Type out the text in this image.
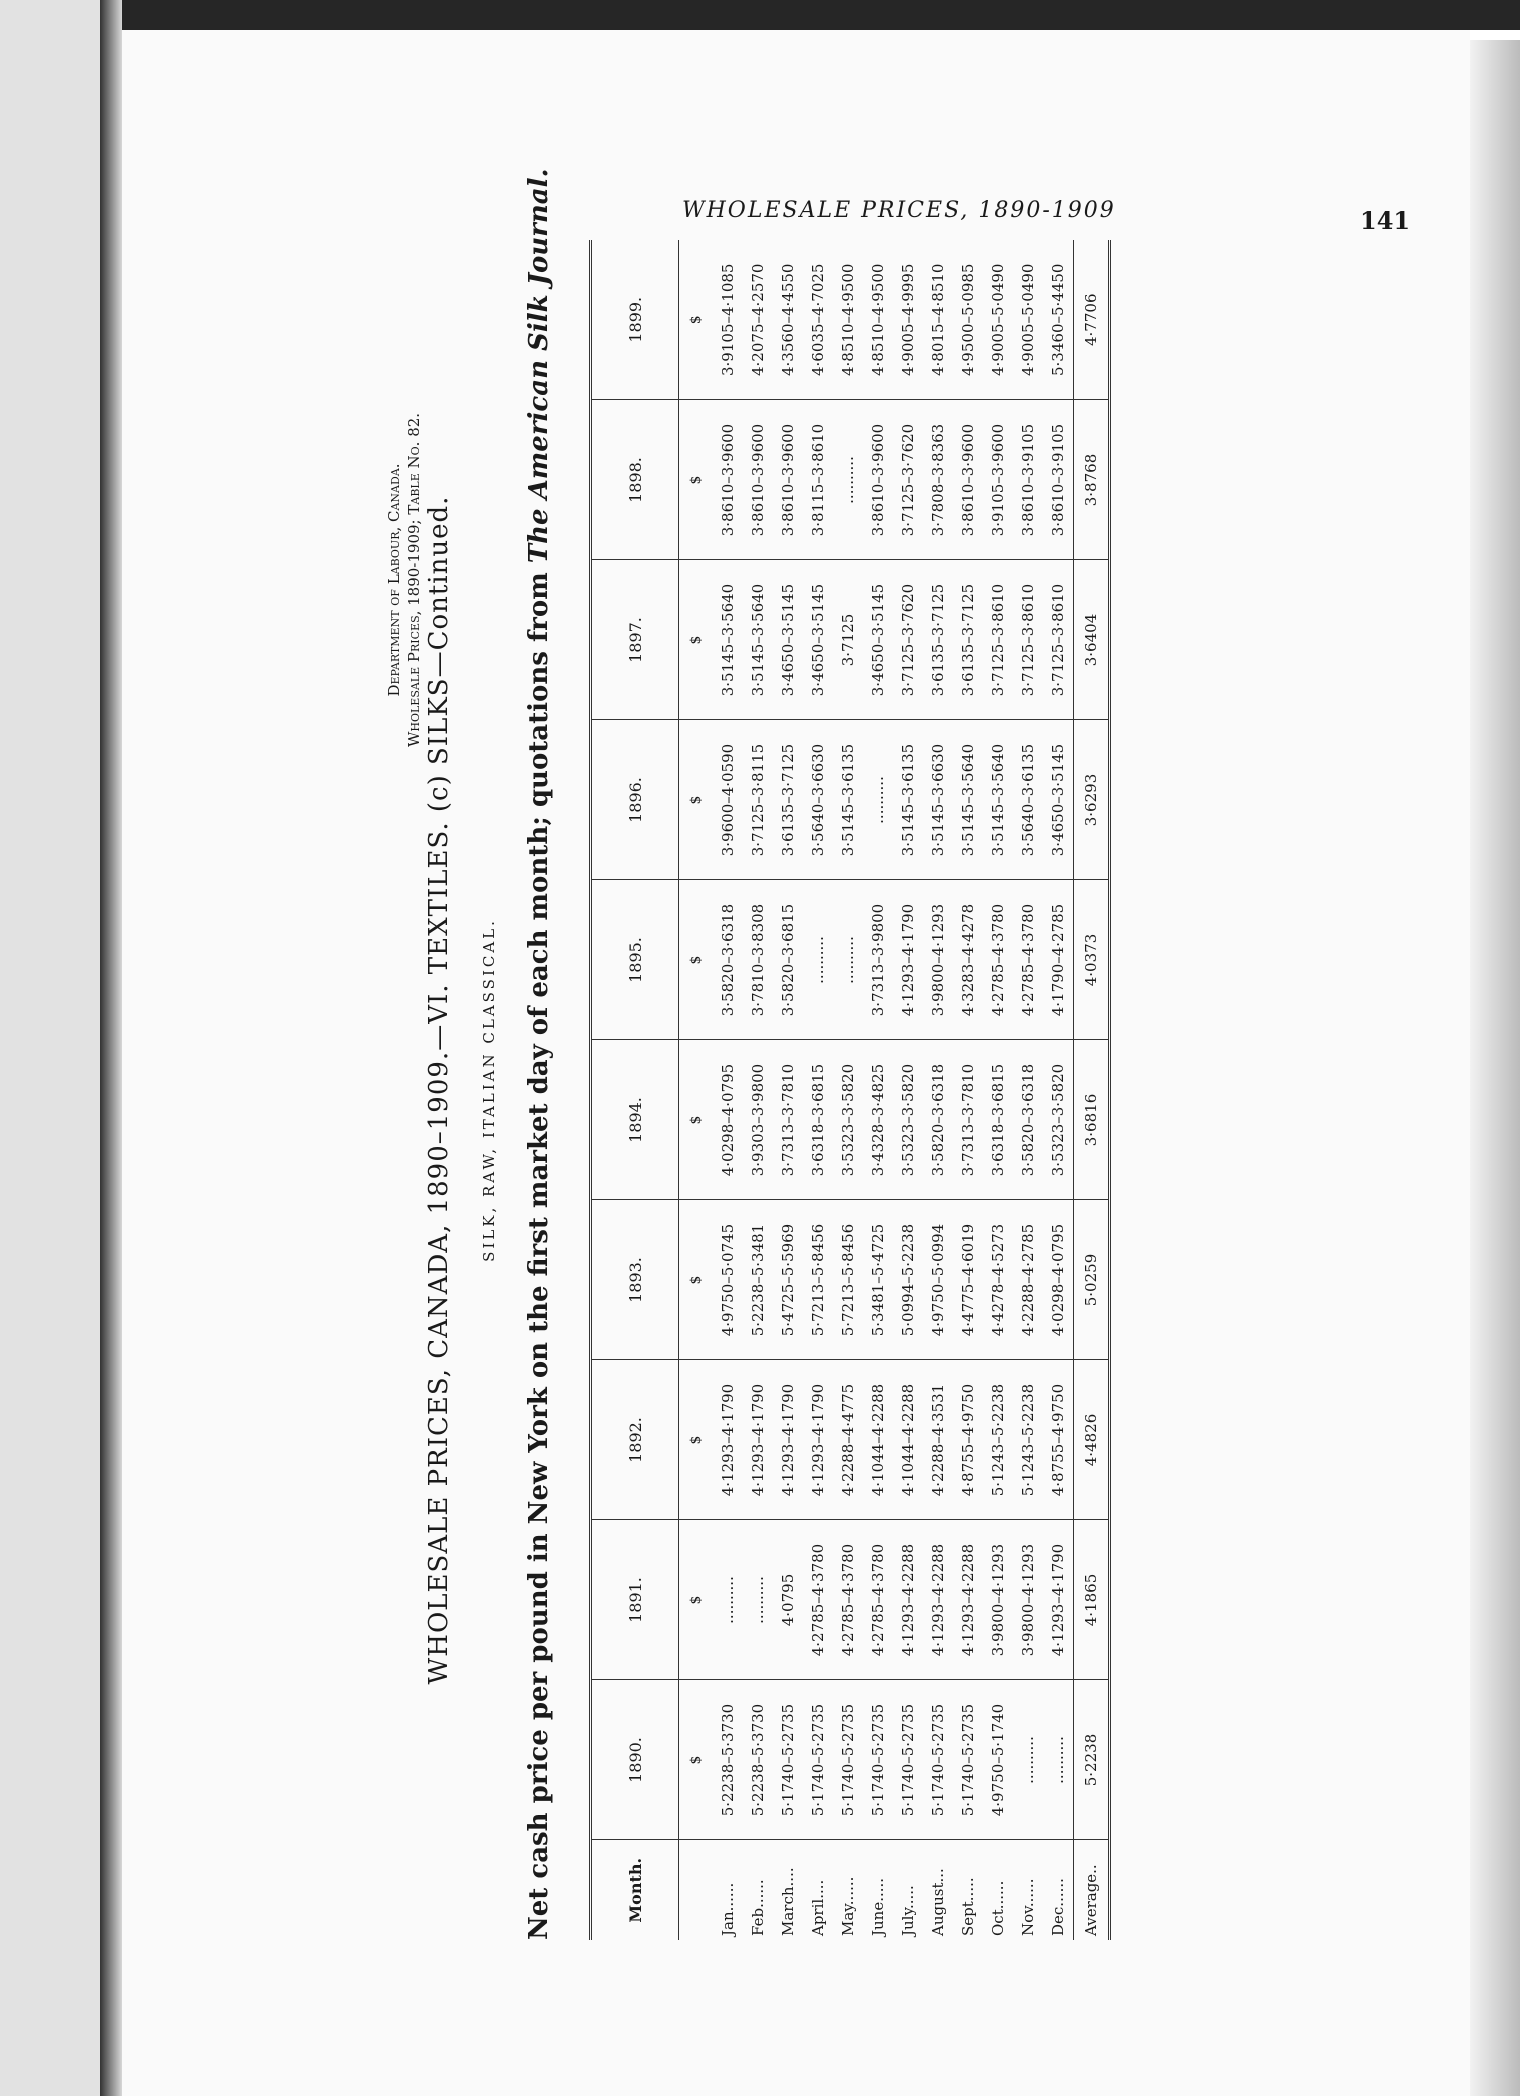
WHOLESALE PRICES, 1890-1909	141
Department of Labour, Canada. Wholesale Prices, 1890-1909; Table No. 82. WHOLESALE PRICES, CANADA, 1890–1909.—VI. TEXTILES. (c) SILKS—Continued. SILK, RAW, ITALIAN CLASSICAL. Net cash price per pound in New York on the first market day of each month; quotations from The American Silk Journal.
Month.	1890.	1891.	1892.	1893.	1894.	1895.	1896.	1897.	1898.	1899.
	$	$	$	$	$	$	$	$	$	$
Jan......	5·2238–5·3730	..........	4·1293–4·1790	4·9750–5·0745	4·0298–4·0795	3·5820–3·6318	3·9600–4·0590	3·5145–3·5640	3·8610–3·9600	3·9105–4·1085
Feb......	5·2238–5·3730	..........	4·1293–4·1790	5·2238–5·3481	3·9303–3·9800	3·7810–3·8308	3·7125–3·8115	3·5145–3·5640	3·8610–3·9600	4·2075–4·2570
March....	5·1740–5·2735	4·0795	4·1293–4·1790	5·4725–5·5969	3·7313–3·7810	3·5820–3·6815	3·6135–3·7125	3·4650–3·5145	3·8610–3·9600	4·3560–4·4550
April....	5·1740–5·2735	4·2785–4·3780	4·1293–4·1790	5·7213–5·8456	3·6318–3·6815	..........	3·5640–3·6630	3·4650–3·5145	3·8115–3·8610	4·6035–4·7025
May......	5·1740–5·2735	4·2785–4·3780	4·2288–4·4775	5·7213–5·8456	3·5323–3·5820	..........	3·5145–3·6135	3·7125	..........	4·8510–4·9500
June.....	5·1740–5·2735	4·2785–4·3780	4·1044–4·2288	5·3481–5·4725	3·4328–3·4825	3·7313–3·9800	..........	3·4650–3·5145	3·8610–3·9600	4·8510–4·9500
July.....	5·1740–5·2735	4·1293–4·2288	4·1044–4·2288	5·0994–5·2238	3·5323–3·5820	4·1293–4·1790	3·5145–3·6135	3·7125–3·7620	3·7125–3·7620	4·9005–4·9995
August...	5·1740–5·2735	4·1293–4·2288	4·2288–4·3531	4·9750–5·0994	3·5820–3·6318	3·9800–4·1293	3·5145–3·6630	3·6135–3·7125	3·7808–3·8363	4·8015–4·8510
Sept.....	5·1740–5·2735	4·1293–4·2288	4·8755–4·9750	4·4775–4·6019	3·7313–3·7810	4·3283–4·4278	3·5145–3·5640	3·6135–3·7125	3·8610–3·9600	4·9500–5·0985
Oct......	4·9750–5·1740	3·9800–4·1293	5·1243–5·2238	4·4278–4·5273	3·6318–3·6815	4·2785–4·3780	3·5145–3·5640	3·7125–3·8610	3·9105–3·9600	4·9005–5·0490
Nov......	..........	3·9800–4·1293	5·1243–5·2238	4·2288–4·2785	3·5820–3·6318	4·2785–4·3780	3·5640–3·6135	3·7125–3·8610	3·8610–3·9105	4·9005–5·0490
Dec......	..........	4·1293–4·1790	4·8755–4·9750	4·0298–4·0795	3·5323–3·5820	4·1790–4·2785	3·4650–3·5145	3·7125–3·8610	3·8610–3·9105	5·3460–5·4450
Average..	5·2238	4·1865	4·4826	5·0259	3·6816	4·0373	3·6293	3·6404	3·8768	4·7706
